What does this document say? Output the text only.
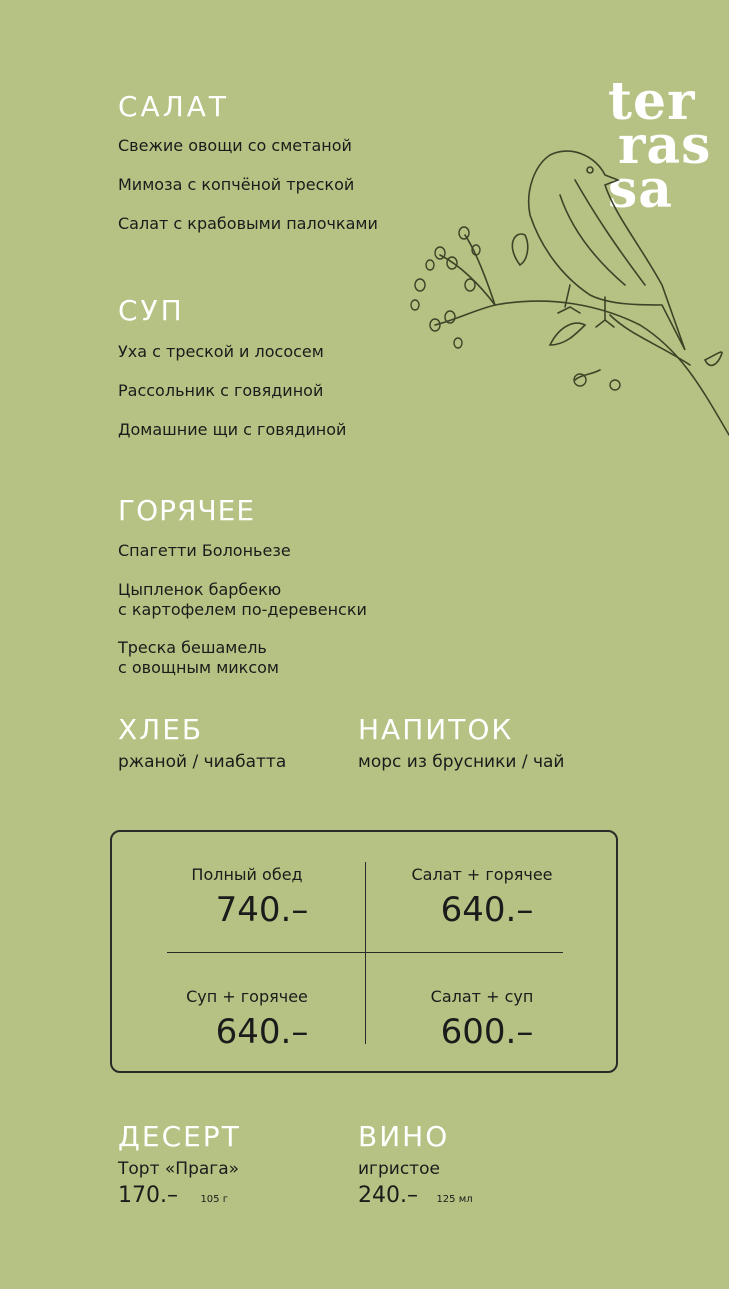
ter
ras
sa
САЛАТ

Свежие овощи со сметаной

Мимоза с копчёной треской

Салат с крабовыми палочками

СУП

Уха с треской и лососем

Рассольник с говядиной

Домашние щи с говядиной

ГОРЯЧЕЕ

Спагетти Болоньезе

Цыпленок барбекю

с картофелем по-деревенски

Треска бешамель

с овощным миксом

ХЛЕБ

ржаной / чиабатта

НАПИТОК

морс из брусники / чай

Полный обед
740.–
Салат + горячее
640.–
Суп + горячее
640.–
Салат + суп
600.–
ДЕСЕРТ

Торт «Прага»

170.– 105 г
ВИНО

игристое

240.– 125 мл
